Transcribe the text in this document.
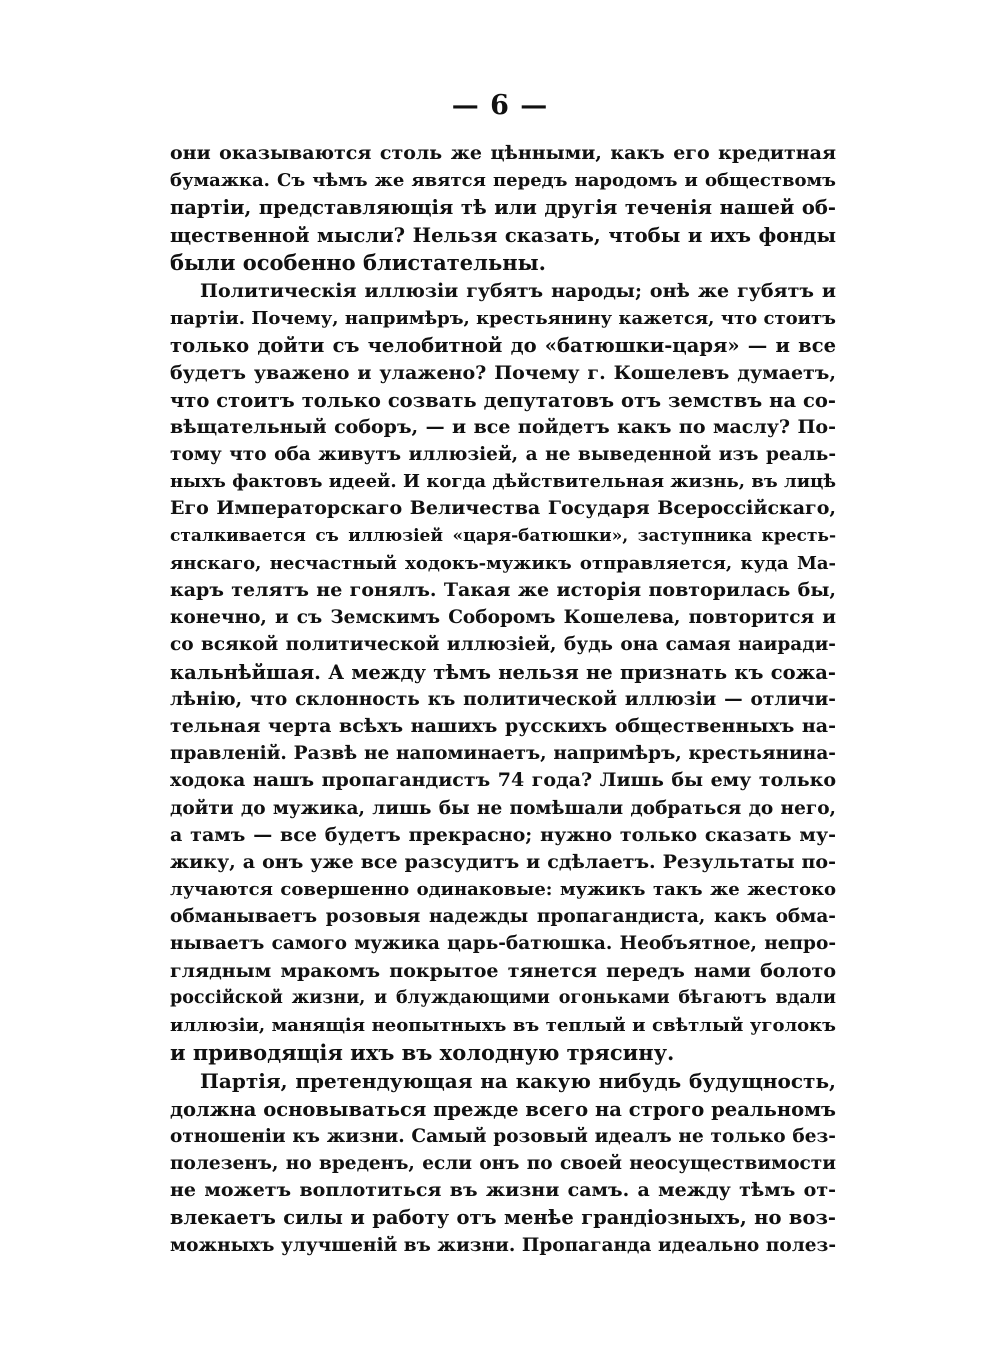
— 6 —
они оказываются столь же цѣнными, какъ его кредитная
бумажка. Съ чѣмъ же явятся передъ народомъ и обществомъ
партіи, представляющія тѣ или другія теченія нашей об-
щественной мысли? Нельзя сказать, чтобы и ихъ фонды
были особенно блистательны.
Политическія иллюзіи губятъ народы; онѣ же губятъ и
партіи. Почему, напримѣръ, крестьянину кажется, что стоитъ
только дойти съ челобитной до «батюшки-царя» — и все
будетъ уважено и улажено? Почему г. Кошелевъ думаетъ,
что стоитъ только созвать депутатовъ отъ земствъ на со-
вѣщательный соборъ, — и все пойдетъ какъ по маслу? По-
тому что оба живутъ иллюзіей, а не выведенной изъ реаль-
ныхъ фактовъ идеей. И когда дѣйствительная жизнь, въ лицѣ
Его Императорскаго Величества Государя Всероссійскаго,
сталкивается съ иллюзіей «царя-батюшки», заступника кресть-
янскаго, несчастный ходокъ-мужикъ отправляется, куда Ма-
каръ телятъ не гонялъ. Такая же исторія повторилась бы,
конечно, и съ Земскимъ Соборомъ Кошелева, повторится и
со всякой политической иллюзіей, будь она самая наиради-
кальнѣйшая. А между тѣмъ нельзя не признать къ сожа-
лѣнію, что склонность къ политической иллюзіи — отличи-
тельная черта всѣхъ нашихъ русскихъ общественныхъ на-
правленій. Развѣ не напоминаетъ, напримѣръ, крестьянина-
ходока нашъ пропагандистъ 74 года? Лишь бы ему только
дойти до мужика, лишь бы не помѣшали добраться до него,
а тамъ — все будетъ прекрасно; нужно только сказать му-
жику, а онъ уже все разсудитъ и сдѣлаетъ. Результаты по-
лучаются совершенно одинаковые: мужикъ такъ же жестоко
обманываетъ розовыя надежды пропагандиста, какъ обма-
нываетъ самого мужика царь-батюшка. Необъятное, непро-
глядным мракомъ покрытое тянется передъ нами болото
россійской жизни, и блуждающими огоньками бѣгаютъ вдали
иллюзіи, манящія неопытныхъ въ теплый и свѣтлый уголокъ
и приводящія ихъ въ холодную трясину.
Партія, претендующая на какую нибудь будущность,
должна основываться прежде всего на строго реальномъ
отношеніи къ жизни. Самый розовый идеалъ не только без-
полезенъ, но вреденъ, если онъ по своей неосуществимости
не можетъ воплотиться въ жизни самъ. а между тѣмъ от-
влекаетъ силы и работу отъ менѣе грандіозныхъ, но воз-
можныхъ улучшеній въ жизни. Пропаганда идеально полез-
